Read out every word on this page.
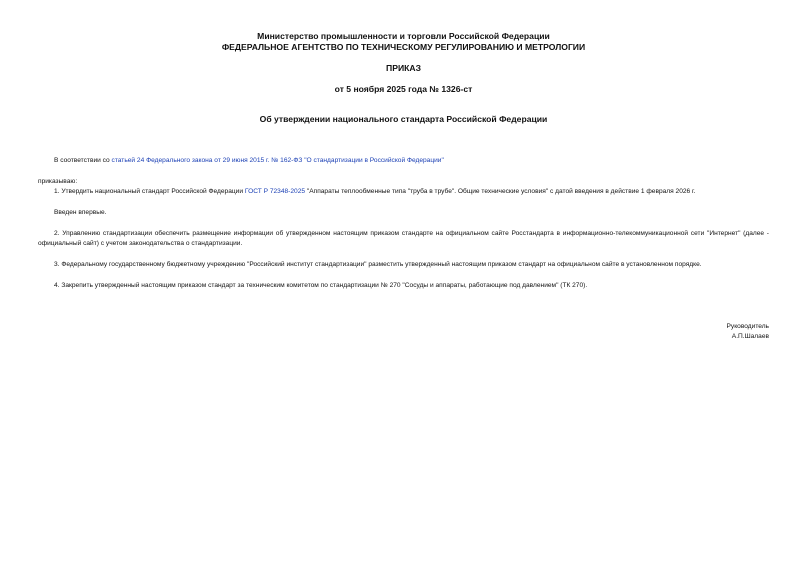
Министерство промышленности и торговли Российской Федерации
ФЕДЕРАЛЬНОЕ АГЕНТСТВО ПО ТЕХНИЧЕСКОМУ РЕГУЛИРОВАНИЮ И МЕТРОЛОГИИ
ПРИКАЗ
от 5 ноября 2025 года № 1326-ст
Об утверждении национального стандарта Российской Федерации
В соответствии со статьей 24 Федерального закона от 29 июня 2015 г. № 162-ФЗ "О стандартизации в Российской Федерации"
приказываю:
1. Утвердить национальный стандарт Российской Федерации ГОСТ Р 72348-2025 "Аппараты теплообменные типа "труба в трубе". Общие технические условия" с датой введения в действие 1 февраля 2026 г.
Введен впервые.
2. Управлению стандартизации обеспечить размещение информации об утвержденном настоящим приказом стандарте на официальном сайте Росстандарта в информационно-телекоммуникационной сети "Интернет" (далее - официальный сайт) с учетом законодательства о стандартизации.
3. Федеральному государственному бюджетному учреждению "Российский институт стандартизации" разместить утвержденный настоящим приказом стандарт на официальном сайте в установленном порядке.
4. Закрепить утвержденный настоящим приказом стандарт за техническим комитетом по стандартизации № 270 "Сосуды и аппараты, работающие под давлением" (ТК 270).
Руководитель
А.П.Шалаев
